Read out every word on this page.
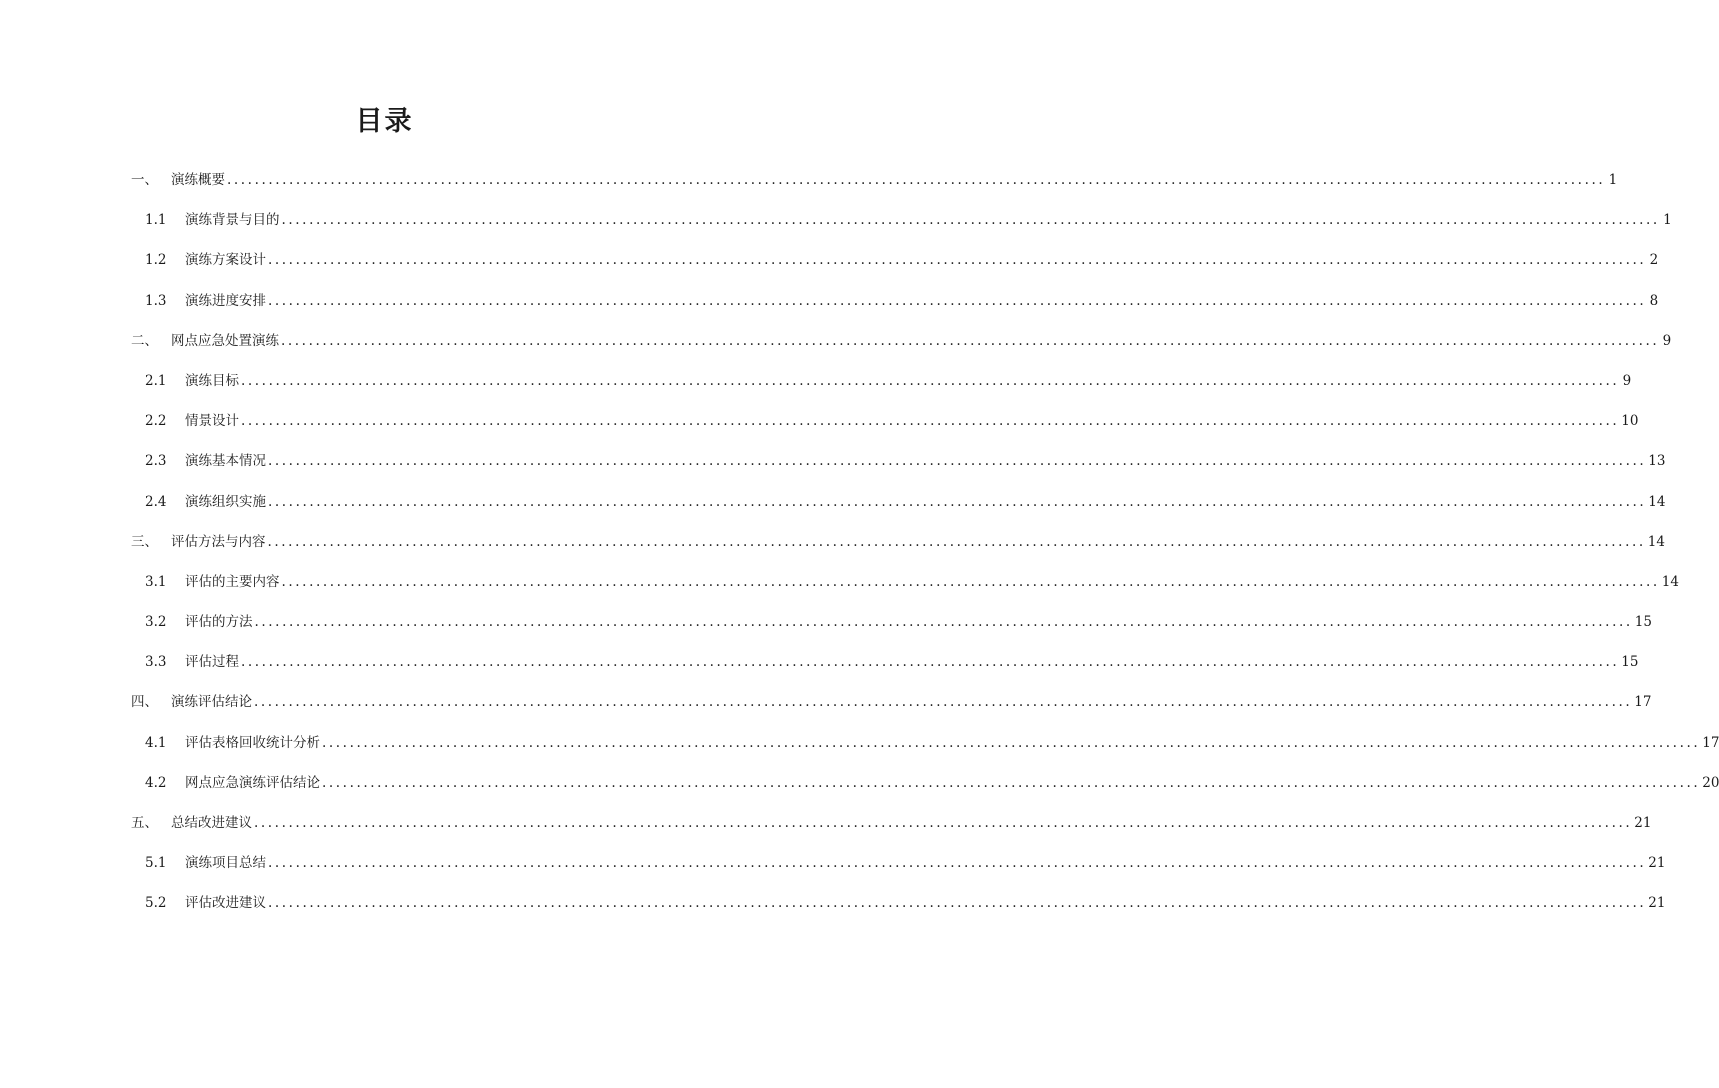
目录
一、 演练概要 ........................................................................................................................................................................................................ 1
1.1	演练背景与目的 ........................................................................................................................................................................................................ 1
1.2	演练方案设计 ........................................................................................................................................................................................................ 2
1.3	演练进度安排 ........................................................................................................................................................................................................ 8
二、 网点应急处置演练 ........................................................................................................................................................................................................ 9
2.1	演练目标 ........................................................................................................................................................................................................ 9
2.2	情景设计 ........................................................................................................................................................................................................ 10
2.3	演练基本情况 ........................................................................................................................................................................................................ 13
2.4	演练组织实施 ........................................................................................................................................................................................................ 14
三、 评估方法与内容 ........................................................................................................................................................................................................ 14
3.1	评估的主要内容 ........................................................................................................................................................................................................ 14
3.2	评估的方法 ........................................................................................................................................................................................................ 15
3.3	评估过程 ........................................................................................................................................................................................................ 15
四、 演练评估结论 ........................................................................................................................................................................................................ 17
4.1	评估表格回收统计分析 ........................................................................................................................................................................................................ 17
4.2	网点应急演练评估结论 ........................................................................................................................................................................................................ 20
五、 总结改进建议 ........................................................................................................................................................................................................ 21
5.1	演练项目总结 ........................................................................................................................................................................................................ 21
5.2	评估改进建议 ........................................................................................................................................................................................................ 21
